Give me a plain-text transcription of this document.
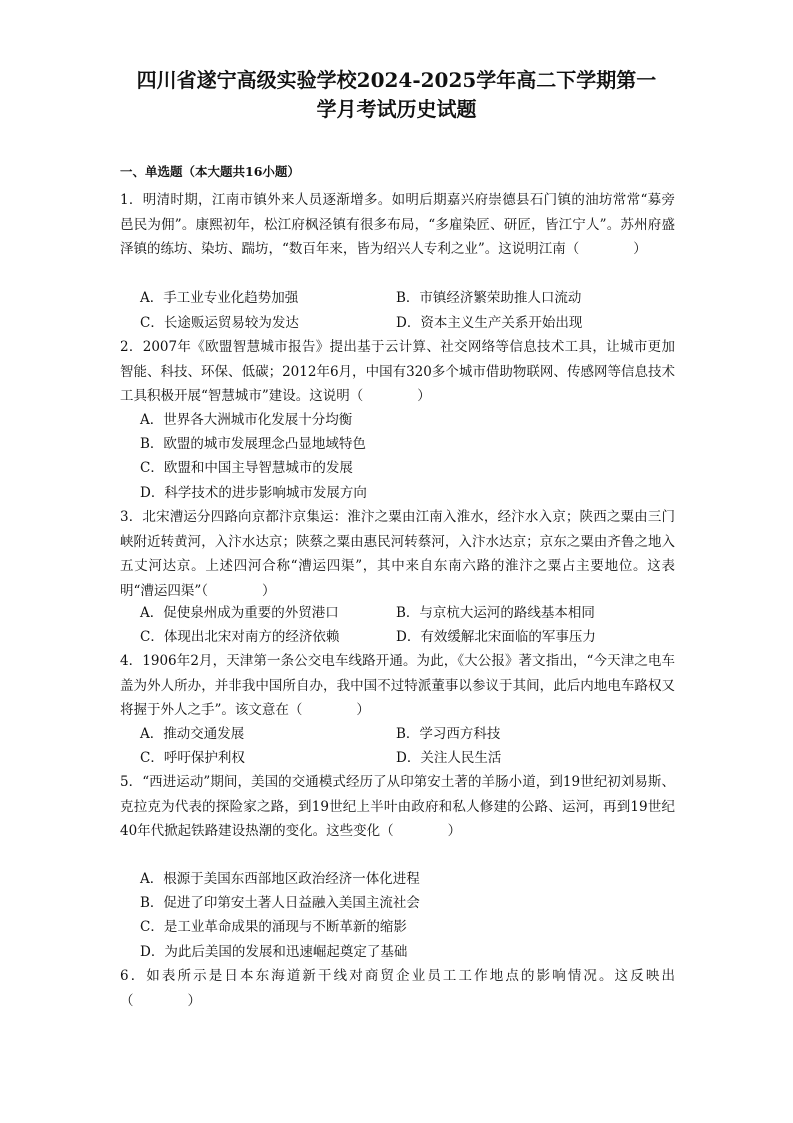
四川省遂宁高级实验学校2024-2025学年高二下学期第一
学月考试历史试题
一、单选题（本大题共16小题）
1．明清时期，江南市镇外来人员逐渐增多。如明后期嘉兴府崇德县石门镇的油坊常常“募旁邑民为佣”。康熙初年，松江府枫泾镇有很多布局，“多雇染匠、研匠，皆江宁人”。苏州府盛泽镇的练坊、染坊、踹坊，“数百年来，皆为绍兴人专利之业”。这说明江南（　　　　）
A．手工业专业化趋势加强	B．市镇经济繁荣助推人口流动
C．长途贩运贸易较为发达	D．资本主义生产关系开始出现
2．2007年《欧盟智慧城市报告》提出基于云计算、社交网络等信息技术工具，让城市更加智能、科技、环保、低碳；2012年6月，中国有320多个城市借助物联网、传感网等信息技术工具积极开展“智慧城市”建设。这说明（　　　　）
A．世界各大洲城市化发展十分均衡
B．欧盟的城市发展理念凸显地域特色
C．欧盟和中国主导智慧城市的发展
D．科学技术的进步影响城市发展方向
3．北宋漕运分四路向京都汴京集运：淮汴之粟由江南入淮水，经汴水入京；陕西之粟由三门峡附近转黄河，入汴水达京；陕蔡之粟由惠民河转蔡河，入汴水达京；京东之粟由齐鲁之地入五丈河达京。上述四河合称“漕运四渠”，其中来自东南六路的淮汴之粟占主要地位。这表明“漕运四渠”（　　　　）
A．促使泉州成为重要的外贸港口	B．与京杭大运河的路线基本相同
C．体现出北宋对南方的经济依赖	D．有效缓解北宋面临的军事压力
4．1906年2月，天津第一条公交电车线路开通。为此，《大公报》著文指出，“今天津之电车盖为外人所办，并非我中国所自办，我中国不过特派董事以参议于其间，此后内地电车路权又将握于外人之手”。该文意在（　　　　）
A．推动交通发展	B．学习西方科技
C．呼吁保护利权	D．关注人民生活
5．“西进运动”期间，美国的交通模式经历了从印第安土著的羊肠小道，到19世纪初刘易斯、克拉克为代表的探险家之路，到19世纪上半叶由政府和私人修建的公路、运河，再到19世纪40年代掀起铁路建设热潮的变化。这些变化（　　　　）
A．根源于美国东西部地区政治经济一体化进程
B．促进了印第安土著人日益融入美国主流社会
C．是工业革命成果的涌现与不断革新的缩影
D．为此后美国的发展和迅速崛起奠定了基础
6．如表所示是日本东海道新干线对商贸企业员工工作地点的影响情况。这反映出（　　　　）
